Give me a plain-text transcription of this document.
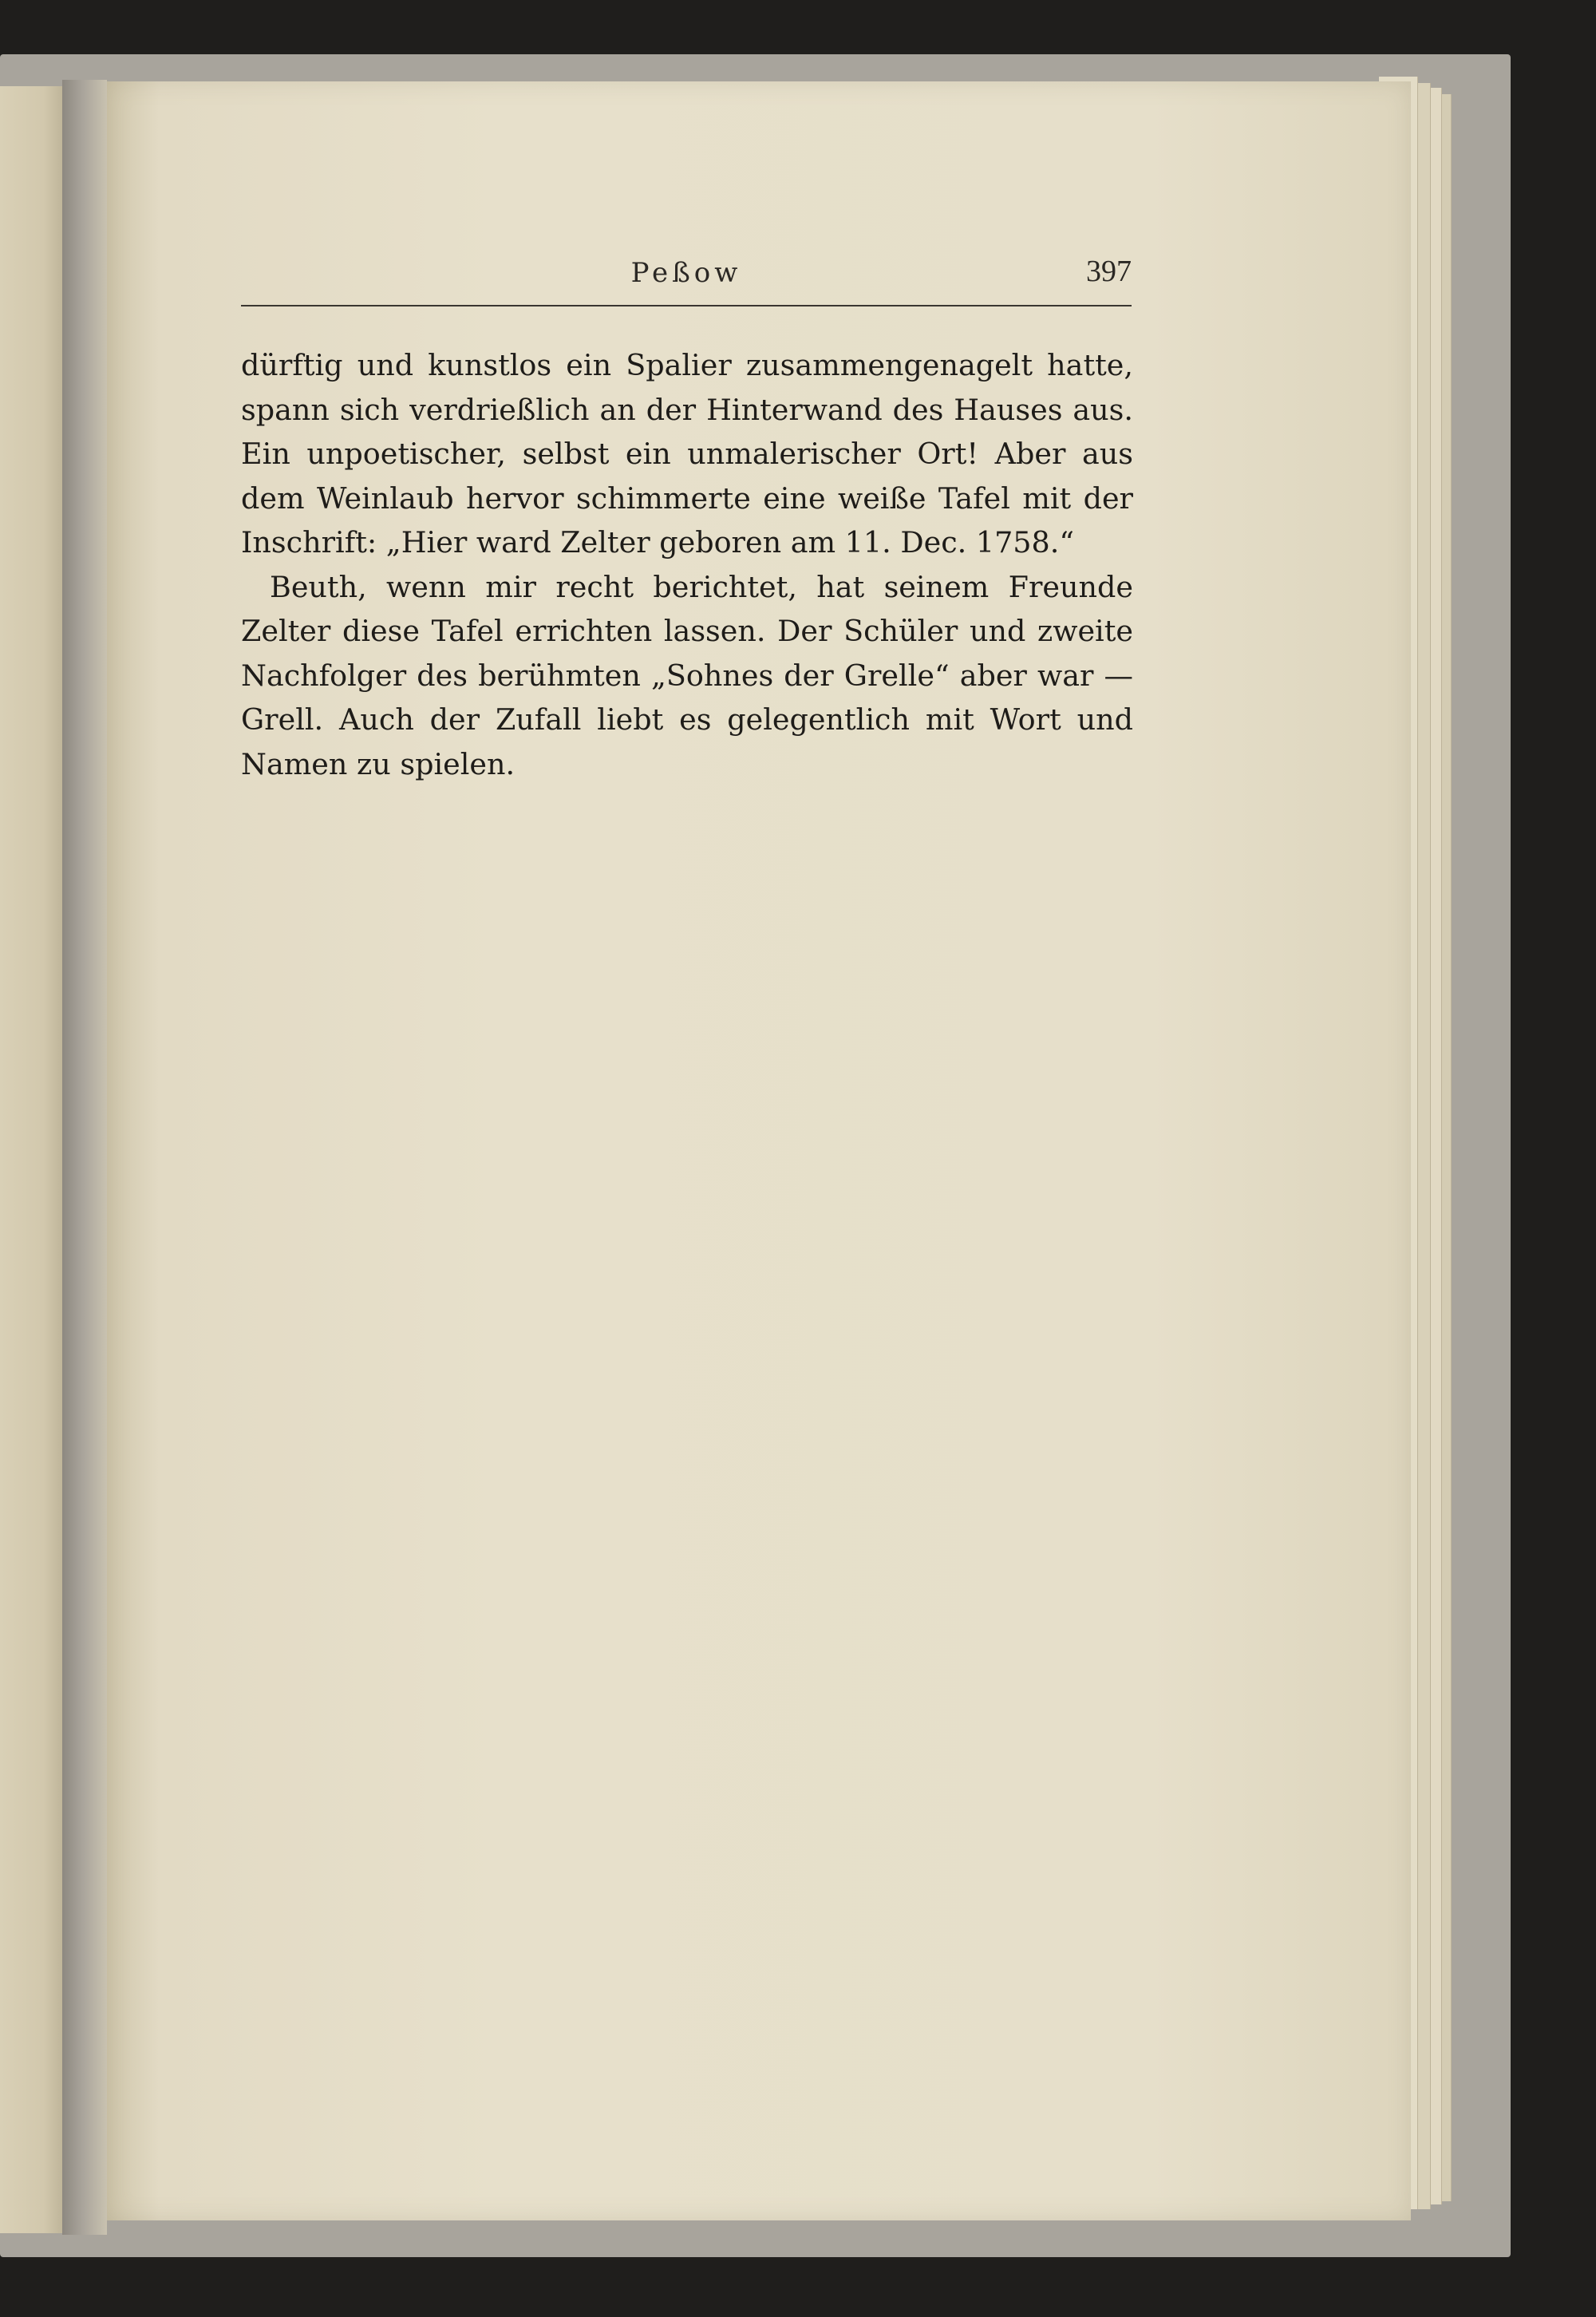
Peßow	397

dürftig und kunstlos ein Spalier zusammengenagelt hatte, spann sich verdrießlich an der Hinterwand des Hauses aus. Ein unpoetischer, selbst ein unmalerischer Ort! Aber aus dem Weinlaub hervor schimmerte eine weiße Tafel mit der Inschrift: „Hier ward Zelter geboren am 11. Dec. 1758.“

Beuth, wenn mir recht berichtet, hat seinem Freunde Zelter diese Tafel errichten lassen. Der Schüler und zweite Nachfolger des berühmten „Sohnes der Grelle“ aber war — Grell. Auch der Zufall liebt es gelegentlich mit Wort und Namen zu spielen.
